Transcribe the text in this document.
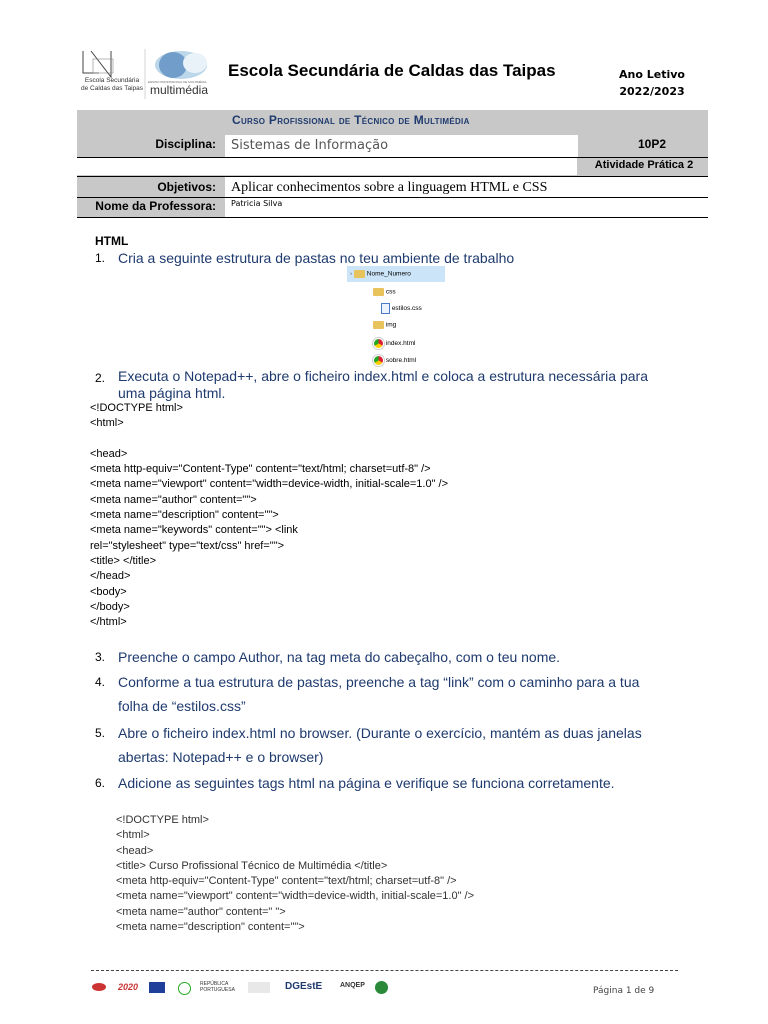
Escola Secundária
de Caldas das Taipas
ENSINO PROFISSIONAL DE MULTIMÉDIA
multimédia
Escola Secundária de Caldas das Taipas	Ano Letivo
2022/2023
Curso Profissional de Técnico de Multimédia
Disciplina: Sistemas de Informação	10P2
Atividade Prática 2
Objetivos: Aplicar conhecimentos sobre a linguagem HTML e CSS
Nome da Professora: Patricia Silva
HTML
1. Cria a seguinte estrutura de pastas no teu ambiente de trabalho
› Nome_Numero
css
estilos.css
img
index.html
sobre.html
2. Executa o Notepad++, abre o ficheiro index.html e coloca a estrutura necessária para uma página html.
<!DOCTYPE html>
<html>

<head>
<meta http-equiv="Content-Type" content="text/html; charset=utf-8" />
<meta name="viewport" content="width=device-width, initial-scale=1.0" />
<meta name="author" content="">
<meta name="description" content="">
<meta name="keywords" content=""> <link
rel="stylesheet" type="text/css" href="">
<title> </title>
</head>
<body>
</body>
</html>
3. Preenche o campo Author, na tag meta do cabeçalho, com o teu nome.
4. Conforme a tua estrutura de pastas, preenche a tag “link” com o caminho para a tua folha de “estilos.css”
5. Abre o ficheiro index.html no browser. (Durante o exercício, mantém as duas janelas abertas: Notepad++ e o browser)
6. Adicione as seguintes tags html na página e verifique se funciona corretamente.
<!DOCTYPE html>
<html>
<head>
<title> Curso Profissional Técnico de Multimédia </title>
<meta http-equiv="Content-Type" content="text/html; charset=utf-8" />
<meta name="viewport" content="width=device-width, initial-scale=1.0" />
<meta name="author" content=" ">
<meta name="description" content="">
2020	REPÚBLICA PORTUGUESA	DGEstE	ANQEP
Página 1 de 9
